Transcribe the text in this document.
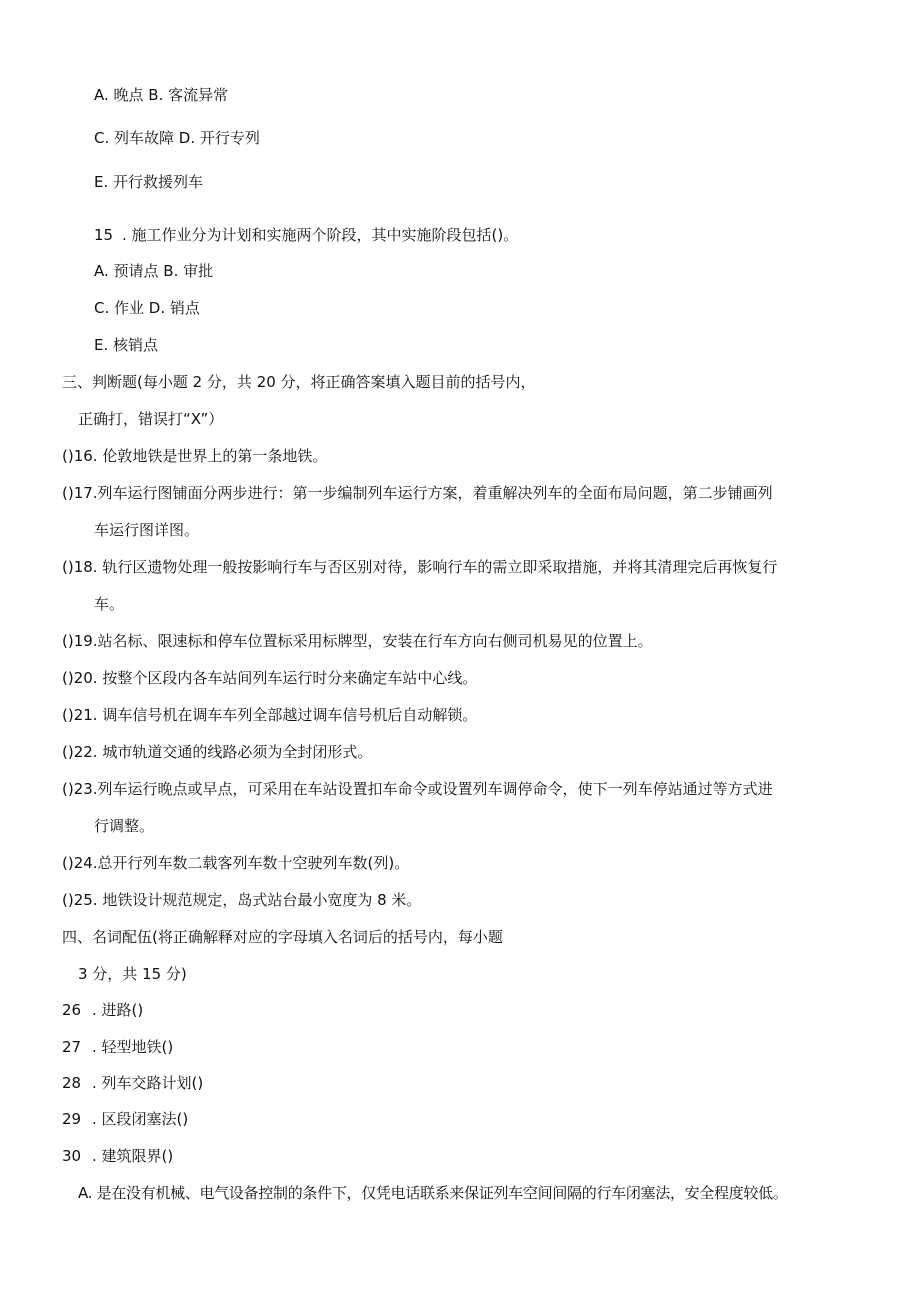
A. 晚点 B. 客流异常
C. 列车故障 D. 开行专列
E. 开行救援列车
15 . 施工作业分为计划和实施两个阶段，其中实施阶段包括()。
A. 预请点 B. 审批
C. 作业 D. 销点
E. 核销点
三、判断题(每小题 2 分，共 20 分，将正确答案填入题目前的括号内，
正确打，错误打“X”）
()16. 伦敦地铁是世界上的第一条地铁。
()17.列车运行图铺面分两步进行：第一步编制列车运行方案，着重解决列车的全面布局问题，第二步铺画列
车运行图详图。
()18. 轨行区遗物处理一般按影响行车与否区别对待，影响行车的需立即采取措施，并将其清理完后再恢复行
车。
()19.站名标、限速标和停车位置标采用标牌型，安装在行车方向右侧司机易见的位置上。
()20. 按整个区段内各车站间列车运行时分来确定车站中心线。
()21. 调车信号机在调车车列全部越过调车信号机后自动解锁。
()22. 城市轨道交通的线路必须为全封闭形式。
()23.列车运行晚点或早点，可采用在车站设置扣车命令或设置列车调停命令，使下一列车停站通过等方式进
行调整。
()24.总开行列车数二载客列车数十空驶列车数(列)。
()25. 地铁设计规范规定，岛式站台最小宽度为 8 米。
四、名词配伍(将正确解释对应的字母填入名词后的括号内，每小题
3 分，共 15 分)
26 . 进路()
27 . 轻型地铁()
28 . 列车交路计划()
29 . 区段闭塞法()
30 . 建筑限界()
A. 是在没有机械、电气设备控制的条件下，仅凭电话联系来保证列车空间间隔的行车闭塞法，安全程度较低。
